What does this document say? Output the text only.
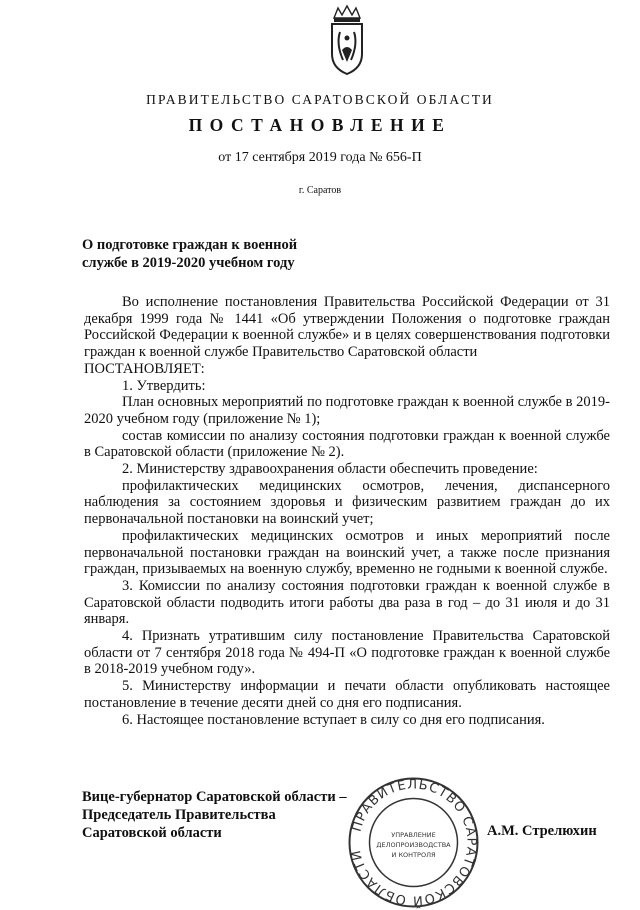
ПРАВИТЕЛЬСТВО САРАТОВСКОЙ ОБЛАСТИ
ПОСТАНОВЛЕНИЕ
от 17 сентября 2019 года № 656-П
г. Саратов
О подготовке граждан к военной
службе в 2019-2020 учебном году

Во исполнение постановления Правительства Российской Федерации от 31 декабря 1999 года № 1441 «Об утверждении Положения о подготовке граждан Российской Федерации к военной службе» и в целях совершенствования подготовки граждан к военной службе Правительство Саратовской области

ПОСТАНОВЛЯЕТ:

1. Утвердить:

План основных мероприятий по подготовке граждан к военной службе в 2019-2020 учебном году (приложение № 1);

состав комиссии по анализу состояния подготовки граждан к военной службе в Саратовской области (приложение № 2).

2. Министерству здравоохранения области обеспечить проведение:

профилактических медицинских осмотров, лечения, диспансерного наблюдения за состоянием здоровья и физическим развитием граждан до их первоначальной постановки на воинский учет;

профилактических медицинских осмотров и иных мероприятий после первоначальной постановки граждан на воинский учет, а также после признания граждан, призываемых на военную службу, временно не годными к военной службе.

3. Комиссии по анализу состояния подготовки граждан к военной службе в Саратовской области подводить итоги работы два раза в год – до 31 июля и до 31 января.

4. Признать утратившим силу постановление Правительства Саратовской области от 7 сентября 2018 года № 494-П «О подготовке граждан к военной службе в 2018-2019 учебном году».

5. Министерству информации и печати области опубликовать настоящее постановление в течение десяти дней со дня его подписания.

6. Настоящее постановление вступает в силу со дня его подписания.

Вице-губернатор Саратовской области –
Председатель Правительства
Саратовской области	ПРАВИТЕЛЬСТВО САРАТОВСКОЙ ОБЛАСТИ
УПРАВЛЕНИЕ
ДЕЛОПРОИЗВОДСТВА
И КОНТРОЛЯ
А.М. Стрелюхин
